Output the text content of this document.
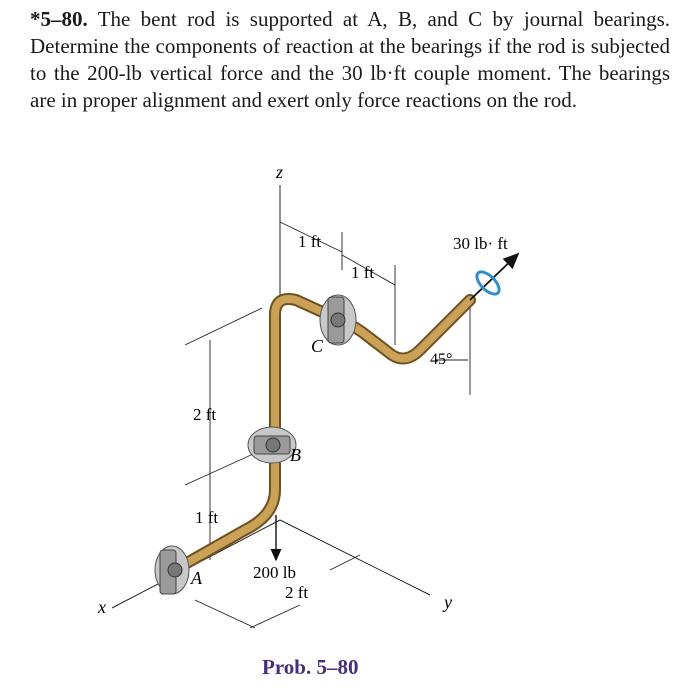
*5–80. The bent rod is supported at A, B, and C by journal bearings. Determine the components of reaction at the bearings if the rod is subjected to the 200-lb vertical force and the 30 lb·ft couple moment. The bearings are in proper alignment and exert only force reactions on the rod.
z
x	y
A
B
C
200 lb
30 lb· ft
45°
1 ft
1 ft
2 ft
1 ft
2 ft
Prob. 5–80
